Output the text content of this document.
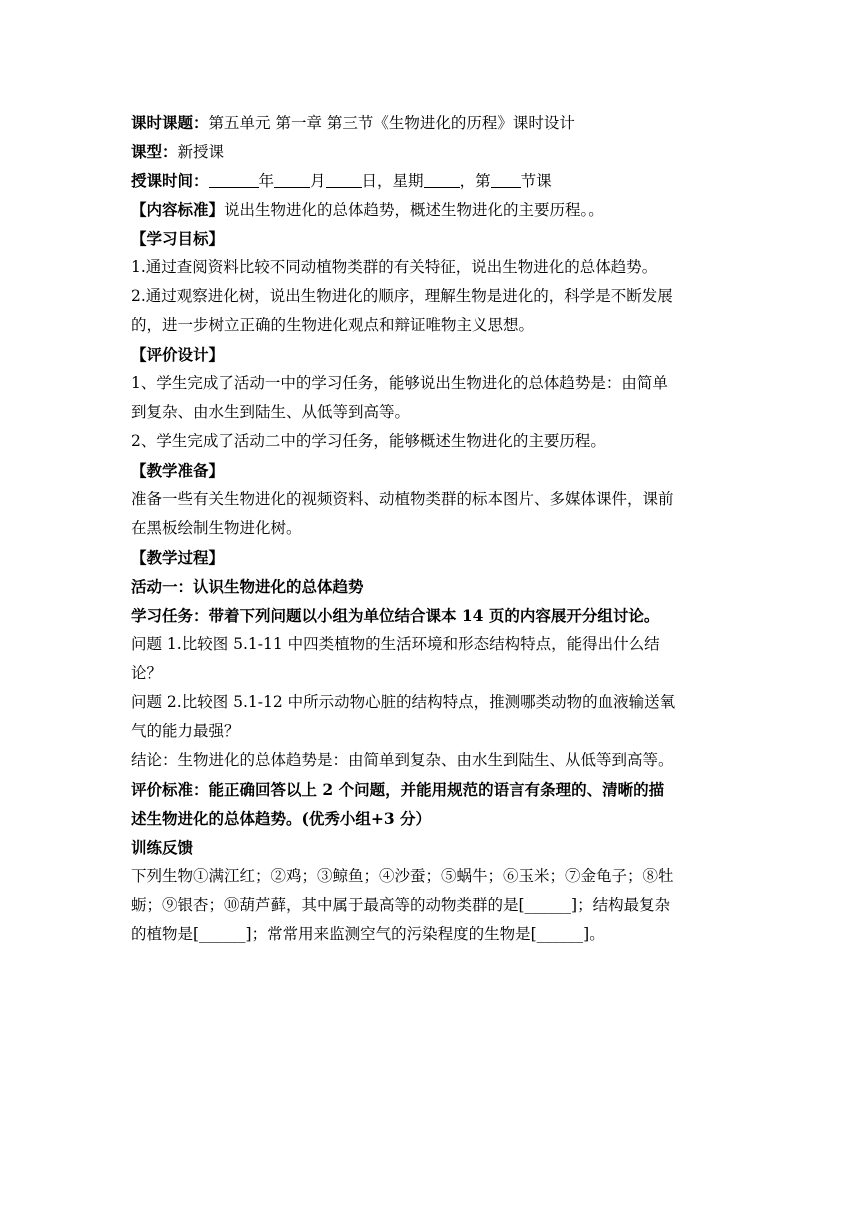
课时课题：第五单元 第一章 第三节《生物进化的历程》课时设计
课型：新授课
授课时间：	年 月 日，星期 ，第 节课
【内容标准】说出生物进化的总体趋势，概述生物进化的主要历程。。
【学习目标】
1.通过查阅资料比较不同动植物类群的有关特征，说出生物进化的总体趋势。
2.通过观察进化树，说出生物进化的顺序，理解生物是进化的，科学是不断发展
的，进一步树立正确的生物进化观点和辩证唯物主义思想。
【评价设计】
1、学生完成了活动一中的学习任务，能够说出生物进化的总体趋势是：由简单
到复杂、由水生到陆生、从低等到高等。
2、学生完成了活动二中的学习任务，能够概述生物进化的主要历程。
【教学准备】
准备一些有关生物进化的视频资料、动植物类群的标本图片、多媒体课件，课前
在黑板绘制生物进化树。
【教学过程】
活动一：认识生物进化的总体趋势
学习任务：带着下列问题以小组为单位结合课本 14 页的内容展开分组讨论。
问题 1.比较图 5.1-11 中四类植物的生活环境和形态结构特点，能得出什么结
论？
问题 2.比较图 5.1-12 中所示动物心脏的结构特点，推测哪类动物的血液输送氧
气的能力最强？
结论：生物进化的总体趋势是：由简单到复杂、由水生到陆生、从低等到高等。
评价标准：能正确回答以上 2 个问题，并能用规范的语言有条理的、清晰的描
述生物进化的总体趋势。(优秀小组+3 分）
训练反馈
下列生物①满江红；②鸡；③鲸鱼；④沙蚕；⑤蜗牛；⑥玉米；⑦金龟子；⑧牡
蛎；⑨银杏；⑩葫芦藓，其中属于最高等的动物类群的是[______]；结构最复杂
的植物是[______]；常常用来监测空气的污染程度的生物是[______]。
